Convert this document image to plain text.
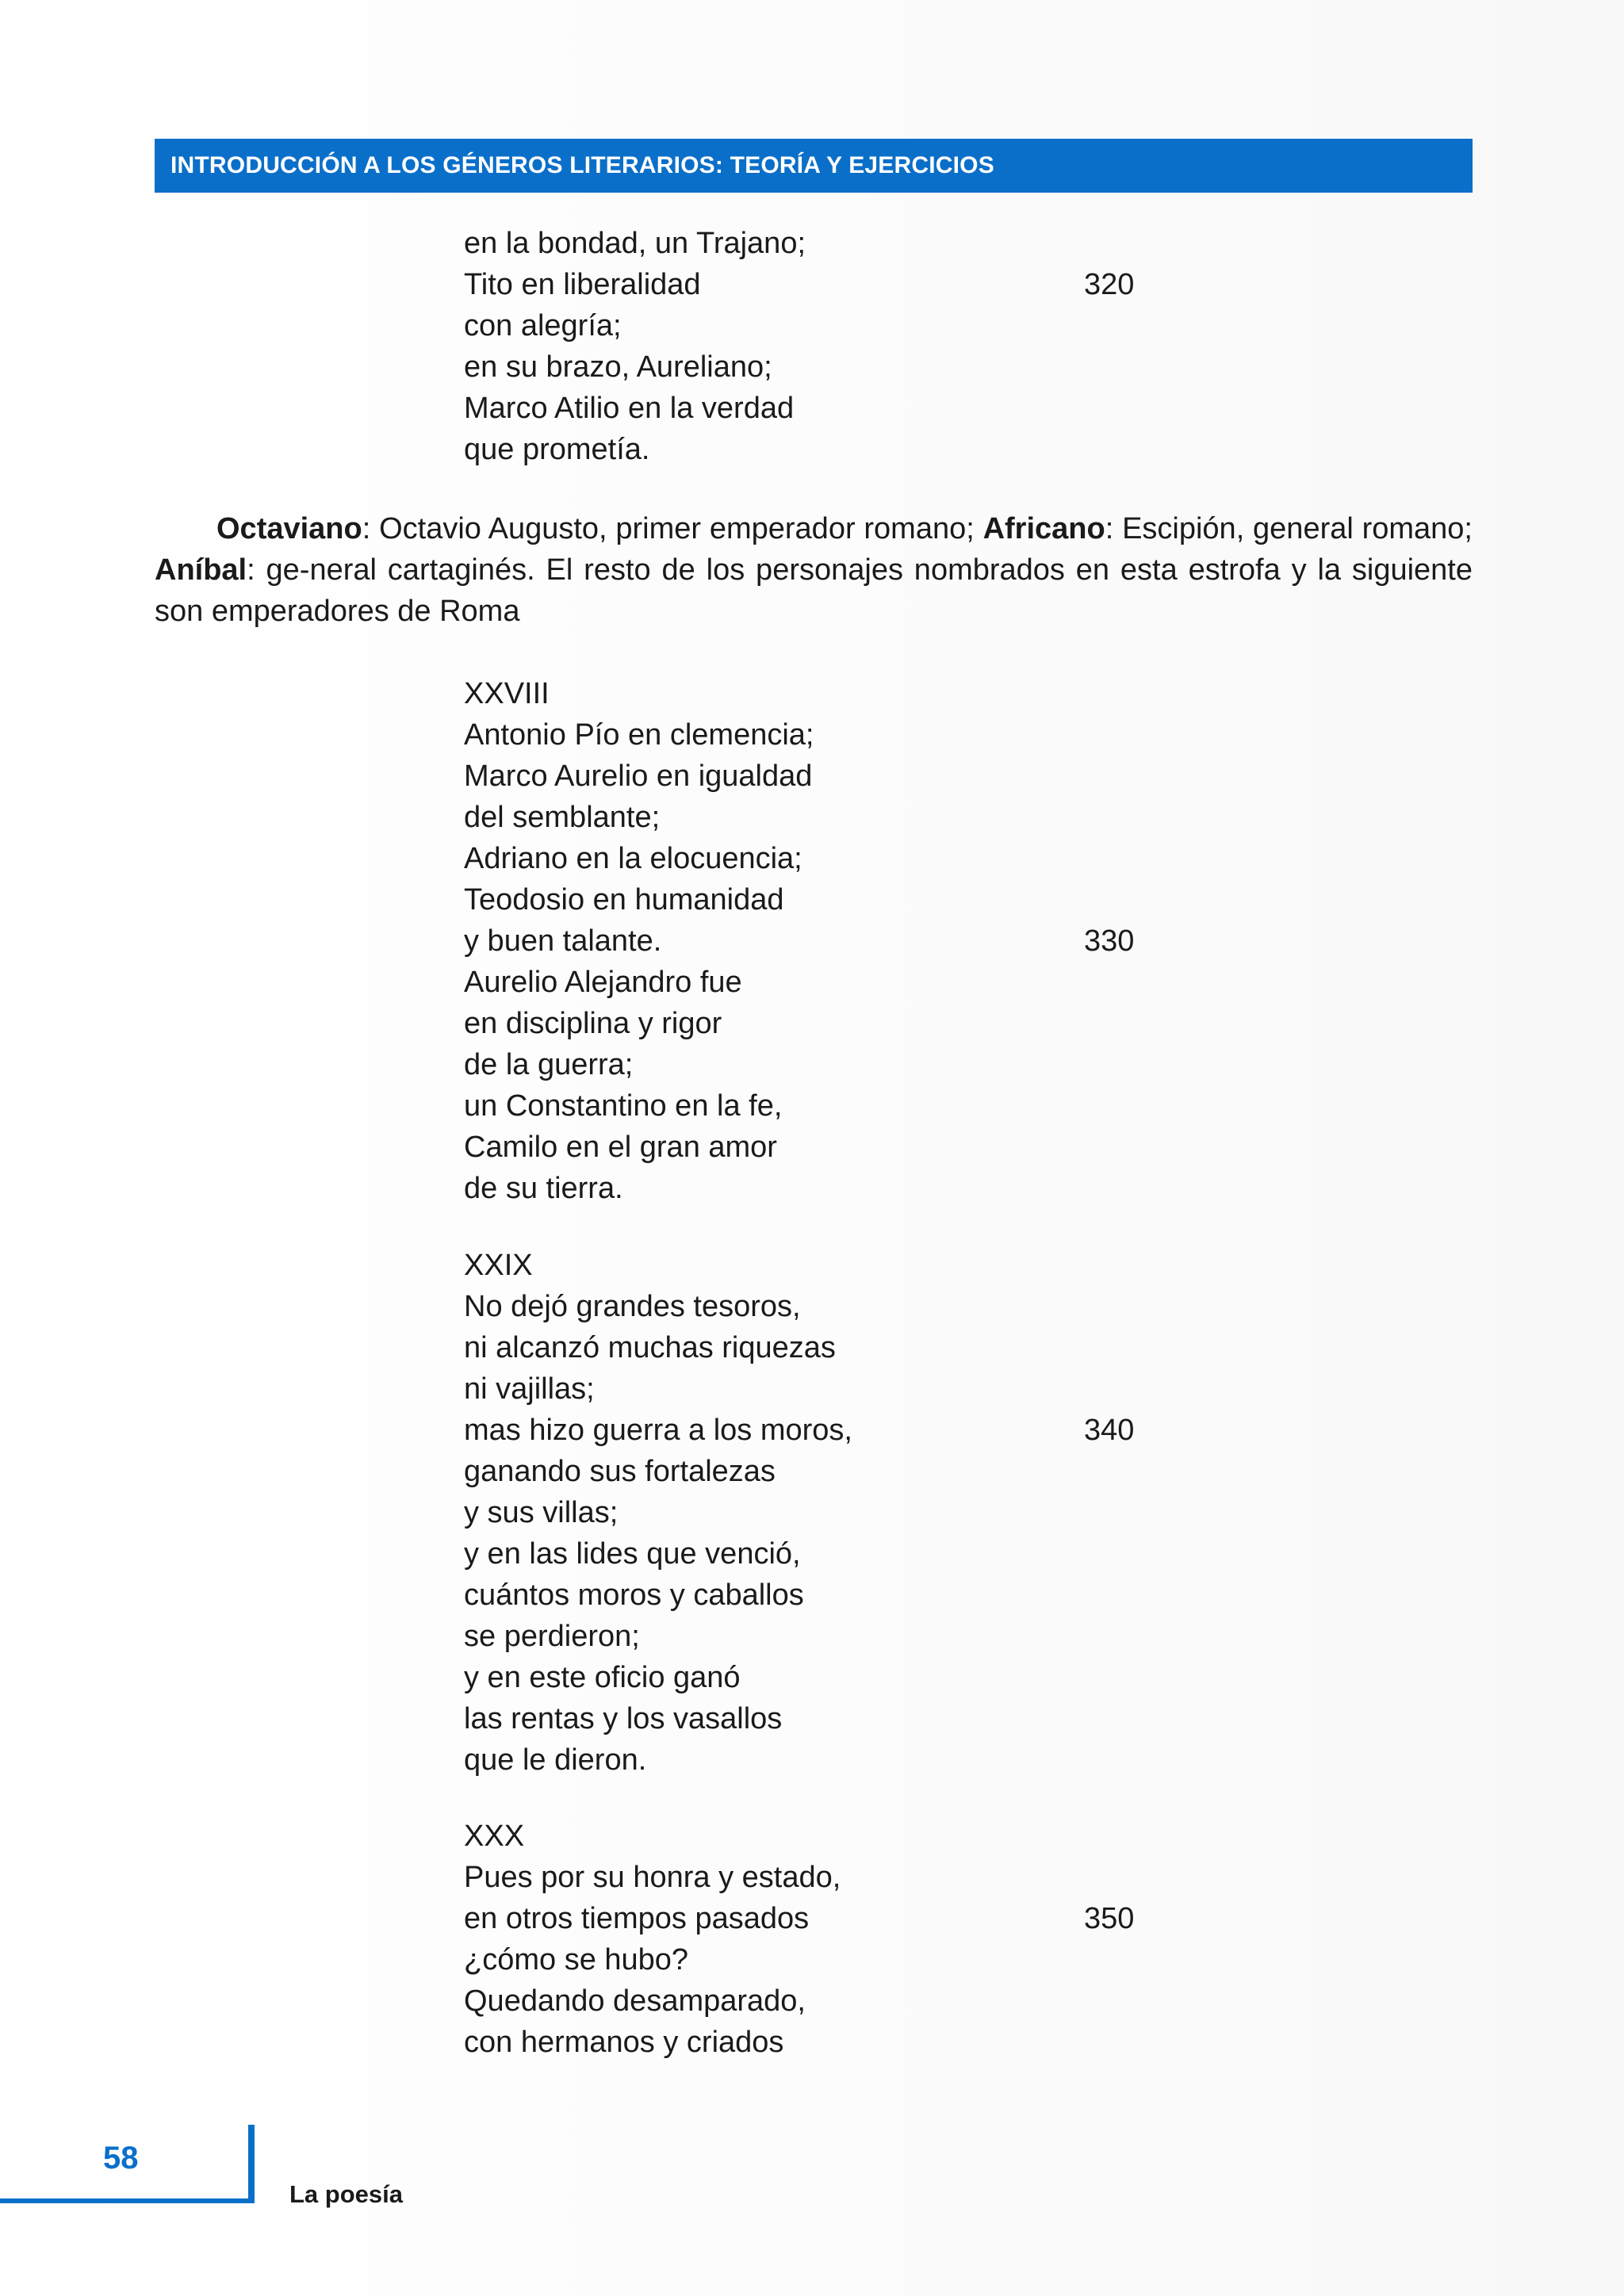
INTRODUCCIÓN A LOS GÉNEROS LITERARIOS: TEORÍA Y EJERCICIOS
en la bondad, un Trajano;
Tito en liberalidad	320
con alegría;
en su brazo, Aureliano;
Marco Atilio en la verdad
que prometía.

Octaviano: Octavio Augusto, primer emperador romano; Africano: Escipión, general romano; Aníbal: ge-neral cartaginés. El resto de los personajes nombrados en esta estrofa y la siguiente son emperadores de Roma

XXVIII
Antonio Pío en clemencia;
Marco Aurelio en igualdad
del semblante;
Adriano en la elocuencia;
Teodosio en humanidad
y buen talante.	330
Aurelio Alejandro fue
en disciplina y rigor
de la guerra;
un Constantino en la fe,
Camilo en el gran amor
de su tierra.
XXIX
No dejó grandes tesoros,
ni alcanzó muchas riquezas
ni vajillas;
mas hizo guerra a los moros,	340
ganando sus fortalezas
y sus villas;
y en las lides que venció,
cuántos moros y caballos
se perdieron;
y en este oficio ganó
las rentas y los vasallos
que le dieron.
XXX
Pues por su honra y estado,
en otros tiempos pasados	350
¿cómo se hubo?
Quedando desamparado,
con hermanos y criados
58
La poesía
